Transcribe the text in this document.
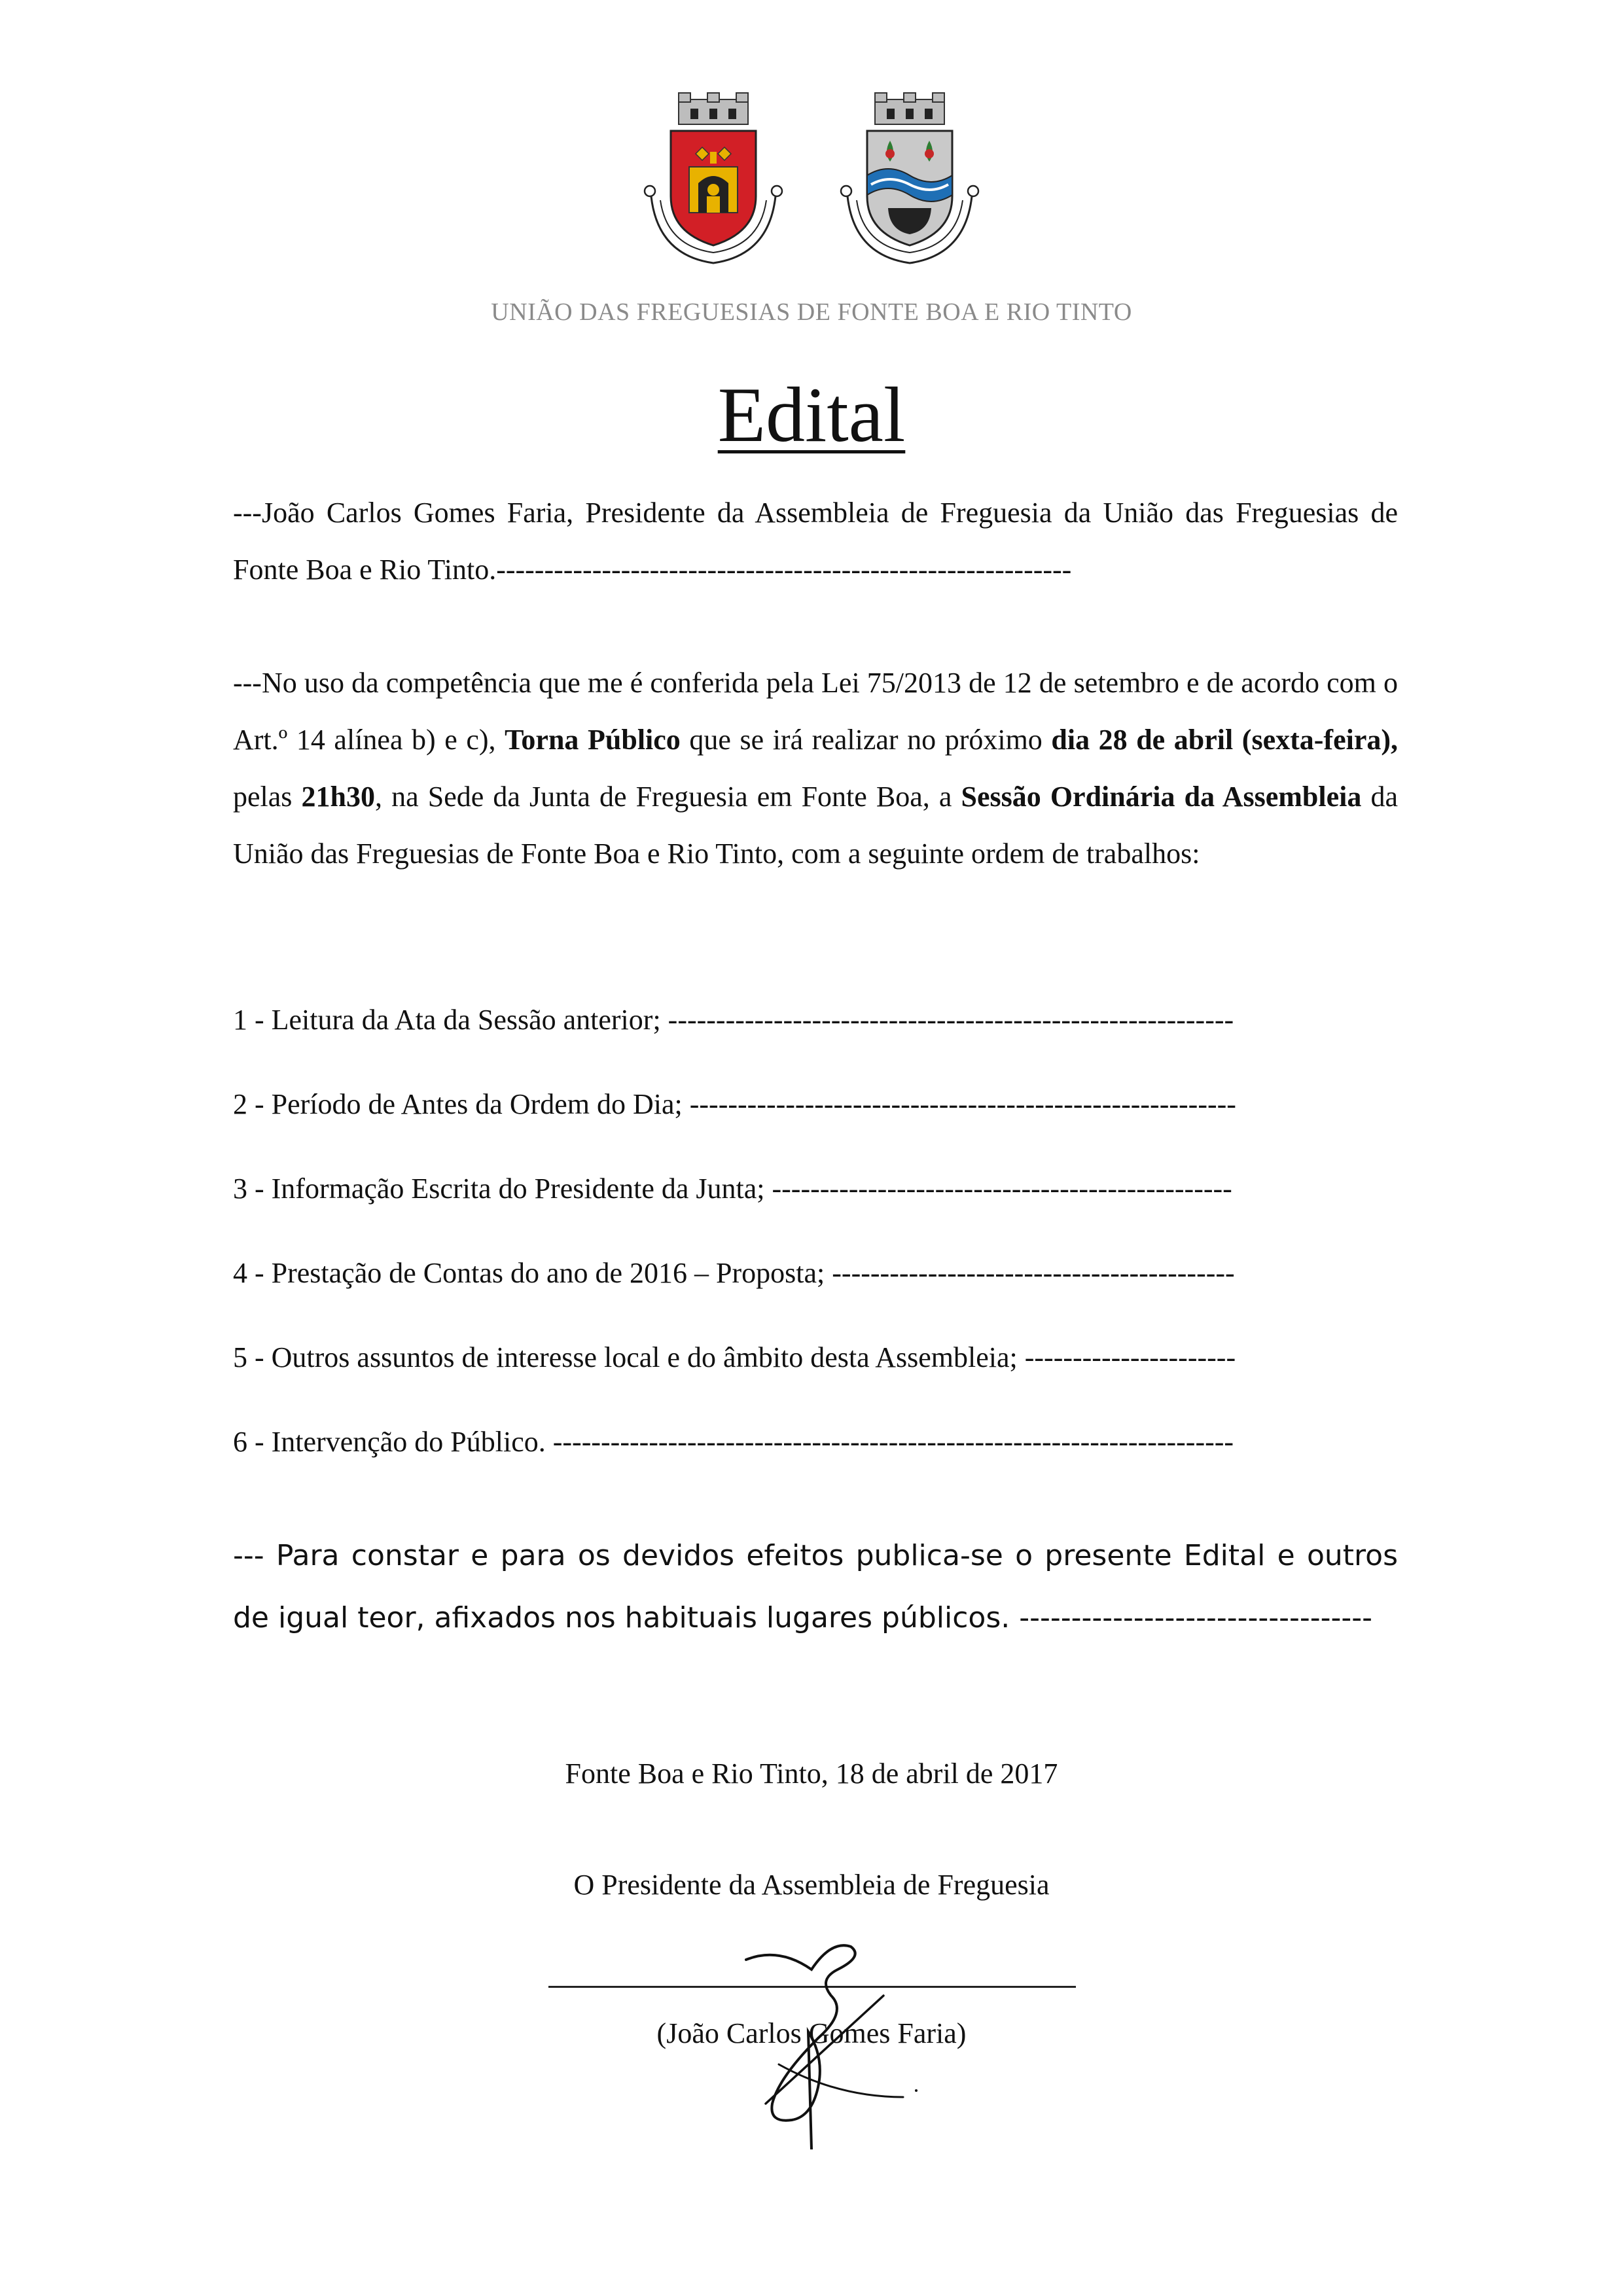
UNIÃO DAS FREGUESIAS DE FONTE BOA E RIO TINTO
Edital
---João Carlos Gomes Faria, Presidente da Assembleia de Freguesia da União das Freguesias de Fonte Boa e Rio Tinto.------------------------------------------------------------
---No uso da competência que me é conferida pela Lei 75/2013 de 12 de setembro e de acordo com o Art.º 14 alínea b) e c), Torna Público que se irá realizar no próximo dia 28 de abril (sexta-feira), pelas 21h30, na Sede da Junta de Freguesia em Fonte Boa, a Sessão Ordinária da Assembleia da União das Freguesias de Fonte Boa e Rio Tinto, com a seguinte ordem de trabalhos:
1 - Leitura da Ata da Sessão anterior; -----------------------------------------------------------
2 - Período de Antes da Ordem do Dia; ---------------------------------------------------------
3 - Informação Escrita do Presidente da Junta; ------------------------------------------------
4 - Prestação de Contas do ano de 2016 – Proposta; ------------------------------------------
5 - Outros assuntos de interesse local e do âmbito desta Assembleia; ----------------------
6 - Intervenção do Público. -----------------------------------------------------------------------
--- Para constar e para os devidos efeitos publica-se o presente Edital e outros de igual teor, afixados nos habituais lugares públicos. ----------------------------------
Fonte Boa e Rio Tinto, 18 de abril de 2017
O Presidente da Assembleia de Freguesia
(João Carlos Gomes Faria)
